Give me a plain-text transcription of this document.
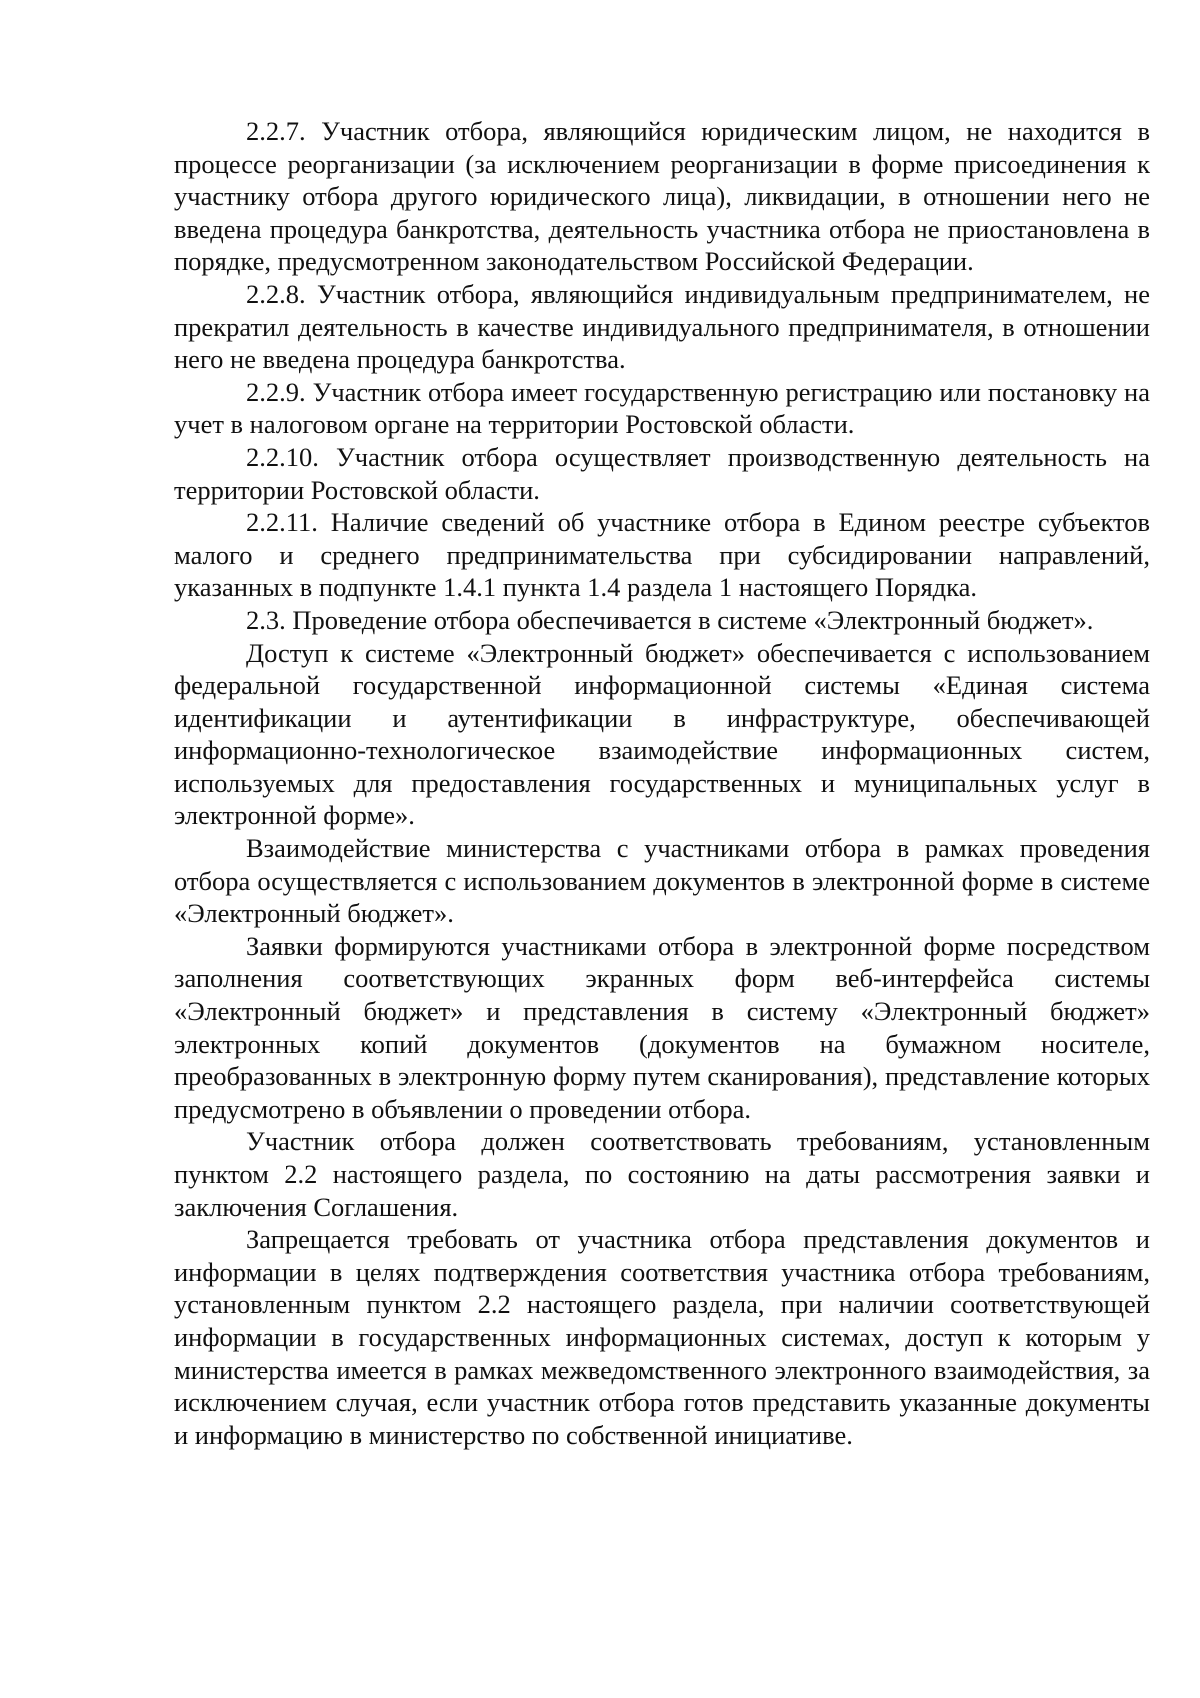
2.2.7. Участник отбора, являющийся юридическим лицом, не находится в процессе реорганизации (за исключением реорганизации в форме присоединения к участнику отбора другого юридического лица), ликвидации, в отношении него не введена процедура банкротства, деятельность участника отбора не приостановлена в порядке, предусмотренном законодательством Российской Федерации.

2.2.8. Участник отбора, являющийся индивидуальным предпринимателем, не прекратил деятельность в качестве индивидуального предпринимателя, в отношении него не введена процедура банкротства.

2.2.9. Участник отбора имеет государственную регистрацию или постановку на учет в налоговом органе на территории Ростовской области.

2.2.10. Участник отбора осуществляет производственную деятельность на территории Ростовской области.

2.2.11. Наличие сведений об участнике отбора в Едином реестре субъектов малого и среднего предпринимательства при субсидировании направлений, указанных в подпункте 1.4.1 пункта 1.4 раздела 1 настоящего Порядка.

2.3. Проведение отбора обеспечивается в системе «Электронный бюджет».

Доступ к системе «Электронный бюджет» обеспечивается с использованием федеральной государственной информационной системы «Единая система идентификации и аутентификации в инфраструктуре, обеспечивающей информационно-технологическое взаимодействие информационных систем, используемых для предоставления государственных и муниципальных услуг в электронной форме».

Взаимодействие министерства с участниками отбора в рамках проведения отбора осуществляется с использованием документов в электронной форме в системе «Электронный бюджет».

Заявки формируются участниками отбора в электронной форме посредством заполнения соответствующих экранных форм веб-интерфейса системы «Электронный бюджет» и представления в систему «Электронный бюджет» электронных копий документов (документов на бумажном носителе, преобразованных в электронную форму путем сканирования), представление которых предусмотрено в объявлении о проведении отбора.

Участник отбора должен соответствовать требованиям, установленным пунктом 2.2 настоящего раздела, по состоянию на даты рассмотрения заявки и заключения Соглашения.

Запрещается требовать от участника отбора представления документов и информации в целях подтверждения соответствия участника отбора требованиям, установленным пунктом 2.2 настоящего раздела, при наличии соответствующей информации в государственных информационных системах, доступ к которым у министерства имеется в рамках межведомственного электронного взаимодействия, за исключением случая, если участник отбора готов представить указанные документы и информацию в министерство по собственной инициативе.
